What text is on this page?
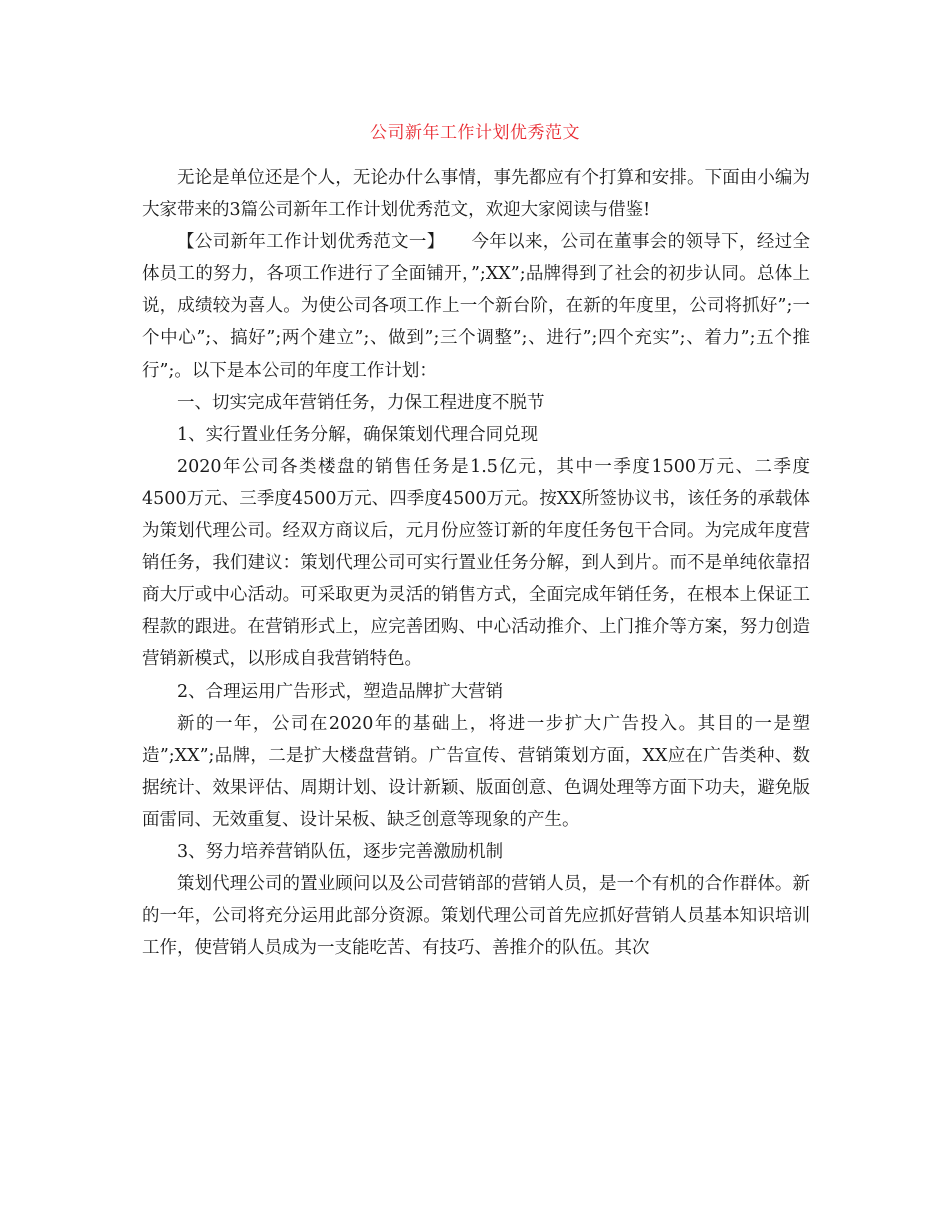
公司新年工作计划优秀范文

无论是单位还是个人，无论办什么事情，事先都应有个打算和安排。下面由小编为大家带来的3篇公司新年工作计划优秀范文，欢迎大家阅读与借鉴!

【公司新年工作计划优秀范文一】　　今年以来，公司在董事会的领导下，经过全体员工的努力，各项工作进行了全面铺开，”;XX”;品牌得到了社会的初步认同。总体上说，成绩较为喜人。为使公司各项工作上一个新台阶，在新的年度里，公司将抓好”;一个中心”;、搞好”;两个建立”;、做到”;三个调整”;、进行”;四个充实”;、着力”;五个推行”;。以下是本公司的年度工作计划：

一、切实完成年营销任务，力保工程进度不脱节

1、实行置业任务分解，确保策划代理合同兑现

2020年公司各类楼盘的销售任务是1.5亿元，其中一季度1500万元、二季度4500万元、三季度4500万元、四季度4500万元。按XX所签协议书，该任务的承载体为策划代理公司。经双方商议后，元月份应签订新的年度任务包干合同。为完成年度营销任务，我们建议：策划代理公司可实行置业任务分解，到人到片。而不是单纯依靠招商大厅或中心活动。可采取更为灵活的销售方式，全面完成年销任务，在根本上保证工程款的跟进。在营销形式上，应完善团购、中心活动推介、上门推介等方案，努力创造营销新模式，以形成自我营销特色。

2、合理运用广告形式，塑造品牌扩大营销

新的一年，公司在2020年的基础上，将进一步扩大广告投入。其目的一是塑造”;XX”;品牌，二是扩大楼盘营销。广告宣传、营销策划方面，XX应在广告类种、数据统计、效果评估、周期计划、设计新颖、版面创意、色调处理等方面下功夫，避免版面雷同、无效重复、设计呆板、缺乏创意等现象的产生。

3、努力培养营销队伍，逐步完善激励机制

策划代理公司的置业顾问以及公司营销部的营销人员，是一个有机的合作群体。新的一年，公司将充分运用此部分资源。策划代理公司首先应抓好营销人员基本知识培训工作，使营销人员成为一支能吃苦、有技巧、善推介的队伍。其次
